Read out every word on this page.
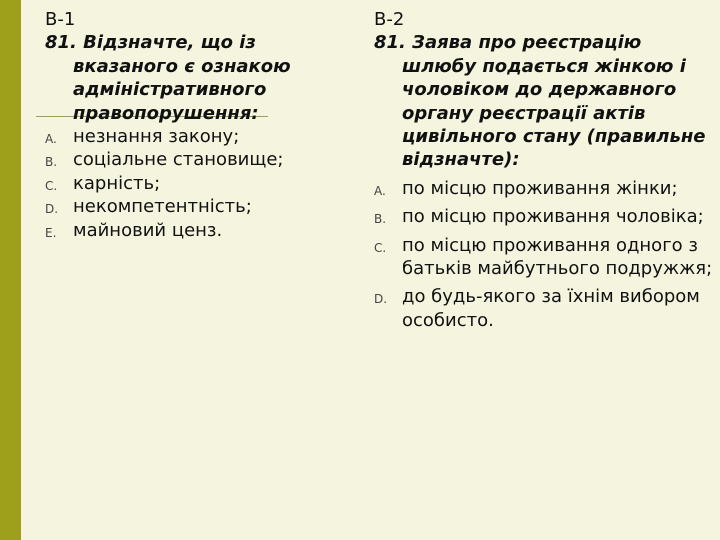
В-1

81. Відзначте, що із вказаного є ознакою адміністративного правопорушення:

A. незнання закону;
B. соціальне становище;
C. карність;
D. некомпетентність;
E. майновий ценз.

В-2

81. Заява про реєстрацію шлюбу подається жінкою і чоловіком до державного органу реєстрації актів цивільного стану (правильне відзначте):

A. по місцю проживання жінки;
B. по місцю проживання чоловіка;
C. по місцю проживання одного з батьків майбутнього подружжя;
D. до будь-якого за їхнім вибором особисто.
